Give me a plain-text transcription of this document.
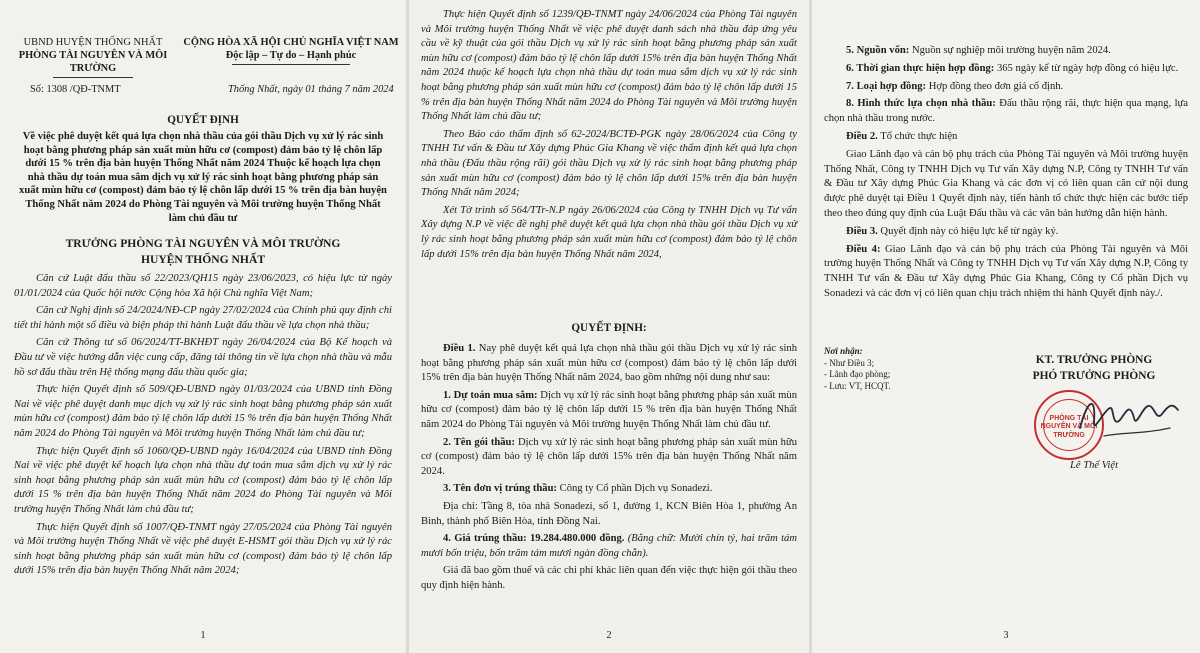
UBND HUYỆN THỐNG NHẤT
PHÒNG TÀI NGUYÊN VÀ MÔI TRƯỜNG
CỘNG HÒA XÃ HỘI CHỦ NGHĨA VIỆT NAM
Độc lập – Tự do – Hạnh phúc
Số: 1308 /QĐ-TNMT	Thống Nhất, ngày 01 tháng 7 năm 2024
QUYẾT ĐỊNH
Về việc phê duyệt kết quả lựa chọn nhà thầu của gói thầu Dịch vụ xử lý rác sinh hoạt bằng phương pháp sản xuất mùn hữu cơ (compost) đảm bảo tỷ lệ chôn lấp dưới 15 % trên địa bàn huyện Thống Nhất năm 2024 Thuộc kế hoạch lựa chọn nhà thầu dự toán mua sắm dịch vụ xử lý rác sinh hoạt bằng phương pháp sản xuất mùn hữu cơ (compost) đảm bảo tỷ lệ chôn lấp dưới 15 % trên địa bàn huyện Thống Nhất năm 2024 do Phòng Tài nguyên và Môi trường huyện Thống Nhất làm chủ đầu tư
TRƯỞNG PHÒNG TÀI NGUYÊN VÀ MÔI TRƯỜNG
HUYỆN THỐNG NHẤT

Căn cứ Luật đấu thầu số 22/2023/QH15 ngày 23/06/2023, có hiệu lực từ ngày 01/01/2024 của Quốc hội nước Cộng hòa Xã hội Chủ nghĩa Việt Nam;

Căn cứ Nghị định số 24/2024/NĐ-CP ngày 27/02/2024 của Chính phủ quy định chi tiết thi hành một số điều và biện pháp thi hành Luật đấu thầu về lựa chọn nhà thầu;

Căn cứ Thông tư số 06/2024/TT-BKHĐT ngày 26/04/2024 của Bộ Kế hoạch và Đầu tư về việc hướng dẫn việc cung cấp, đăng tải thông tin về lựa chọn nhà thầu và mẫu hồ sơ đấu thầu trên Hệ thống mạng đấu thầu quốc gia;

Thực hiện Quyết định số 509/QĐ-UBND ngày 01/03/2024 của UBND tỉnh Đồng Nai về việc phê duyệt danh mục dịch vụ xử lý rác sinh hoạt bằng phương pháp sản xuất mùn hữu cơ (compost) đảm bảo tỷ lệ chôn lấp dưới 15 % trên địa bàn huyện Thống Nhất năm 2024 do Phòng Tài nguyên và Môi trường huyện Thống Nhất làm chủ đầu tư;

Thực hiện Quyết định số 1060/QĐ-UBND ngày 16/04/2024 của UBND tỉnh Đồng Nai về việc phê duyệt kế hoạch lựa chọn nhà thầu dự toán mua sắm dịch vụ xử lý rác sinh hoạt bằng phương pháp sản xuất mùn hữu cơ (compost) đảm bảo tỷ lệ chôn lấp dưới 15 % trên địa bàn huyện Thống Nhất năm 2024 do Phòng Tài nguyên và Môi trường huyện Thống Nhất làm chủ đầu tư;

Thực hiện Quyết định số 1007/QĐ-TNMT ngày 27/05/2024 của Phòng Tài nguyên và Môi trường huyện Thống Nhất về việc phê duyệt E-HSMT gói thầu Dịch vụ xử lý rác sinh hoạt bằng phương pháp sản xuất mùn hữu cơ (compost) đảm bảo tỷ lệ chôn lấp dưới 15% trên địa bàn huyện Thống Nhất năm 2024;

1

Thực hiện Quyết định số 1239/QĐ-TNMT ngày 24/06/2024 của Phòng Tài nguyên và Môi trường huyện Thống Nhất về việc phê duyệt danh sách nhà thầu đáp ứng yêu cầu về kỹ thuật của gói thầu Dịch vụ xử lý rác sinh hoạt bằng phương pháp sản xuất mùn hữu cơ (compost) đảm bảo tỷ lệ chôn lấp dưới 15% trên địa bàn huyện Thống Nhất năm 2024 thuộc kế hoạch lựa chọn nhà thầu dự toán mua sắm dịch vụ xử lý rác sinh hoạt bằng phương pháp sản xuất mùn hữu cơ (compost) đảm bảo tỷ lệ chôn lấp dưới 15 % trên địa bàn huyện Thống Nhất năm 2024 do Phòng Tài nguyên và Môi trường huyện Thống Nhất làm chủ đầu tư;

Theo Báo cáo thẩm định số 62-2024/BCTĐ-PGK ngày 28/06/2024 của Công ty TNHH Tư vấn & Đầu tư Xây dựng Phúc Gia Khang về việc thẩm định kết quả lựa chọn nhà thầu (Đấu thầu rộng rãi) gói thầu Dịch vụ xử lý rác sinh hoạt bằng phương pháp sản xuất mùn hữu cơ (compost) đảm bảo tỷ lệ chôn lấp dưới 15% trên địa bàn huyện Thống Nhất năm 2024;

Xét Tờ trình số 564/TTr-N.P ngày 26/06/2024 của Công ty TNHH Dịch vụ Tư vấn Xây dựng N.P về việc đề nghị phê duyệt kết quả lựa chọn nhà thầu gói thầu Dịch vụ xử lý rác sinh hoạt bằng phương pháp sản xuất mùn hữu cơ (compost) đảm bảo tỷ lệ chôn lấp dưới 15% trên địa bàn huyện Thống Nhất năm 2024,

QUYẾT ĐỊNH:

Điều 1. Nay phê duyệt kết quả lựa chọn nhà thầu gói thầu Dịch vụ xử lý rác sinh hoạt bằng phương pháp sản xuất mùn hữu cơ (compost) đảm bảo tỷ lệ chôn lấp dưới 15% trên địa bàn huyện Thống Nhất năm 2024, bao gồm những nội dung như sau:

1. Dự toán mua sắm: Dịch vụ xử lý rác sinh hoạt bằng phương pháp sản xuất mùn hữu cơ (compost) đảm bảo tỷ lệ chôn lấp dưới 15 % trên địa bàn huyện Thống Nhất năm 2024 do Phòng Tài nguyên và Môi trường huyện Thống Nhất làm chủ đầu tư.

2. Tên gói thầu: Dịch vụ xử lý rác sinh hoạt bằng phương pháp sản xuất mùn hữu cơ (compost) đảm bảo tỷ lệ chôn lấp dưới 15% trên địa bàn huyện Thống Nhất năm 2024.

3. Tên đơn vị trúng thầu: Công ty Cổ phần Dịch vụ Sonadezi.

Địa chỉ: Tầng 8, tòa nhà Sonadezi, số 1, đường 1, KCN Biên Hòa 1, phường An Bình, thành phố Biên Hòa, tỉnh Đồng Nai.

4. Giá trúng thầu: 19.284.480.000 đồng. (Bằng chữ: Mười chín tỷ, hai trăm tám mươi bốn triệu, bốn trăm tám mươi ngàn đồng chẵn).

Giá đã bao gồm thuế và các chi phí khác liên quan đến việc thực hiện gói thầu theo quy định hiện hành.

2

5. Nguồn vốn: Nguồn sự nghiệp môi trường huyện năm 2024.

6. Thời gian thực hiện hợp đồng: 365 ngày kể từ ngày hợp đồng có hiệu lực.

7. Loại hợp đồng: Hợp đồng theo đơn giá cố định.

8. Hình thức lựa chọn nhà thầu: Đấu thầu rộng rãi, thực hiện qua mạng, lựa chọn nhà thầu trong nước.

Điều 2. Tổ chức thực hiện

Giao Lãnh đạo và cán bộ phụ trách của Phòng Tài nguyên và Môi trường huyện Thống Nhất, Công ty TNHH Dịch vụ Tư vấn Xây dựng N.P, Công ty TNHH Tư vấn & Đầu tư Xây dựng Phúc Gia Khang và các đơn vị có liên quan căn cứ nội dung được phê duyệt tại Điều 1 Quyết định này, tiến hành tổ chức thực hiện các bước tiếp theo theo đúng quy định của Luật Đấu thầu và các văn bản hướng dẫn hiện hành.

Điều 3. Quyết định này có hiệu lực kể từ ngày ký.

Điều 4: Giao Lãnh đạo và cán bộ phụ trách của Phòng Tài nguyên và Môi trường huyện Thống Nhất và Công ty TNHH Dịch vụ Tư vấn Xây dựng N.P, Công ty TNHH Tư vấn & Đầu tư Xây dựng Phúc Gia Khang, Công ty Cổ phần Dịch vụ Sonadezi và các đơn vị có liên quan chịu trách nhiệm thi hành Quyết định này./.

Nơi nhận:
- Như Điều 3;
- Lãnh đạo phòng;
- Lưu: VT, HCQT.
KT. TRƯỞNG PHÒNG
PHÓ TRƯỞNG PHÒNG
Lê Thế Việt
PHÒNG TÀI NGUYÊN VÀ MÔI TRƯỜNG
3
